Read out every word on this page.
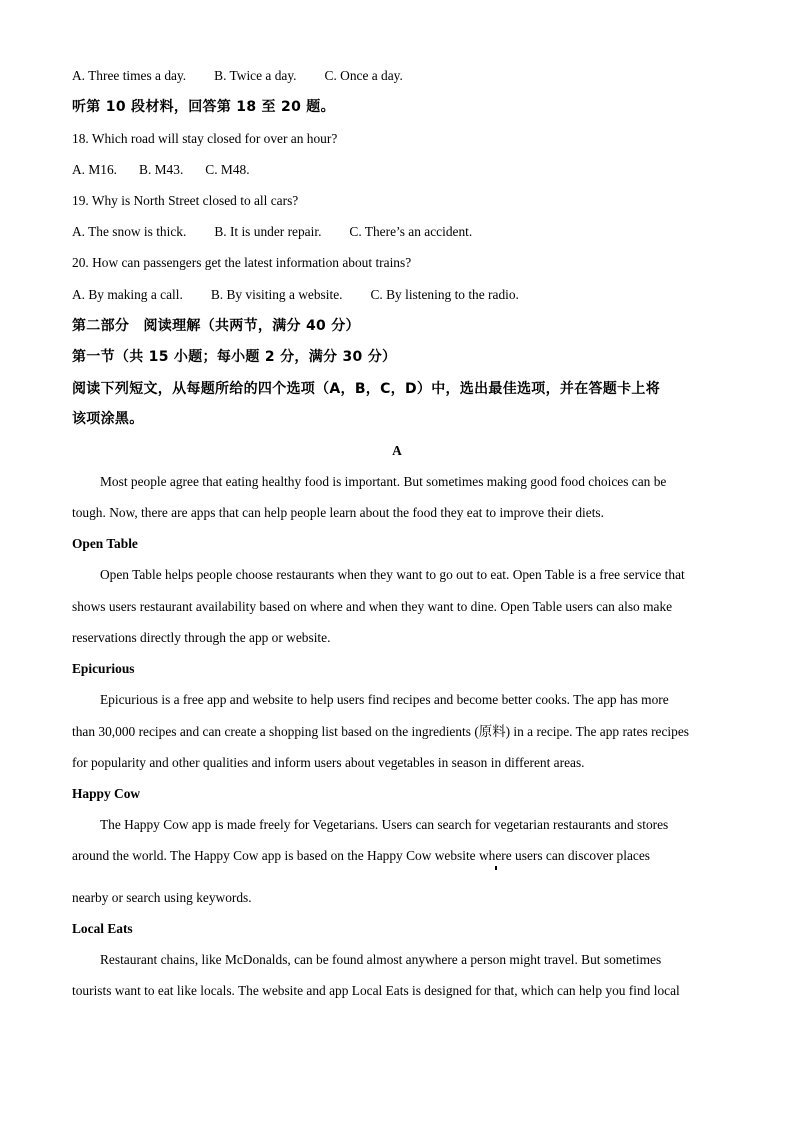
A. Three times a day. B. Twice a day. C. Once a day.
听第 10 段材料，回答第 18 至 20 题。
18. Which road will stay closed for over an hour?
A. M16. B. M43. C. M48.
19. Why is North Street closed to all cars?
A. The snow is thick. B. It is under repair. C. There’s an accident.
20. How can passengers get the latest information about trains?
A. By making a call. B. By visiting a website. C. By listening to the radio.
第二部分　阅读理解（共两节，满分 40 分）
第一节（共 15 小题；每小题 2 分，满分 30 分）
阅读下列短文，从每题所给的四个选项（A，B，C，D）中，选出最佳选项，并在答题卡上将
该项涂黑。
A
Most people agree that eating healthy food is important. But sometimes making good food choices can be
tough. Now, there are apps that can help people learn about the food they eat to improve their diets.
Open Table
Open Table helps people choose restaurants when they want to go out to eat. Open Table is a free service that
shows users restaurant availability based on where and when they want to dine. Open Table users can also make
reservations directly through the app or website.
Epicurious
Epicurious is a free app and website to help users find recipes and become better cooks. The app has more
than 30,000 recipes and can create a shopping list based on the ingredients (原料) in a recipe. The app rates recipes
for popularity and other qualities and inform users about vegetables in season in different areas.
Happy Cow
The Happy Cow app is made freely for Vegetarians. Users can search for vegetarian restaurants and stores
around the world. The Happy Cow app is based on the Happy Cow website where users can discover places
nearby or search using keywords.
Local Eats
Restaurant chains, like McDonalds, can be found almost anywhere a person might travel. But sometimes
tourists want to eat like locals. The website and app Local Eats is designed for that, which can help you find local
